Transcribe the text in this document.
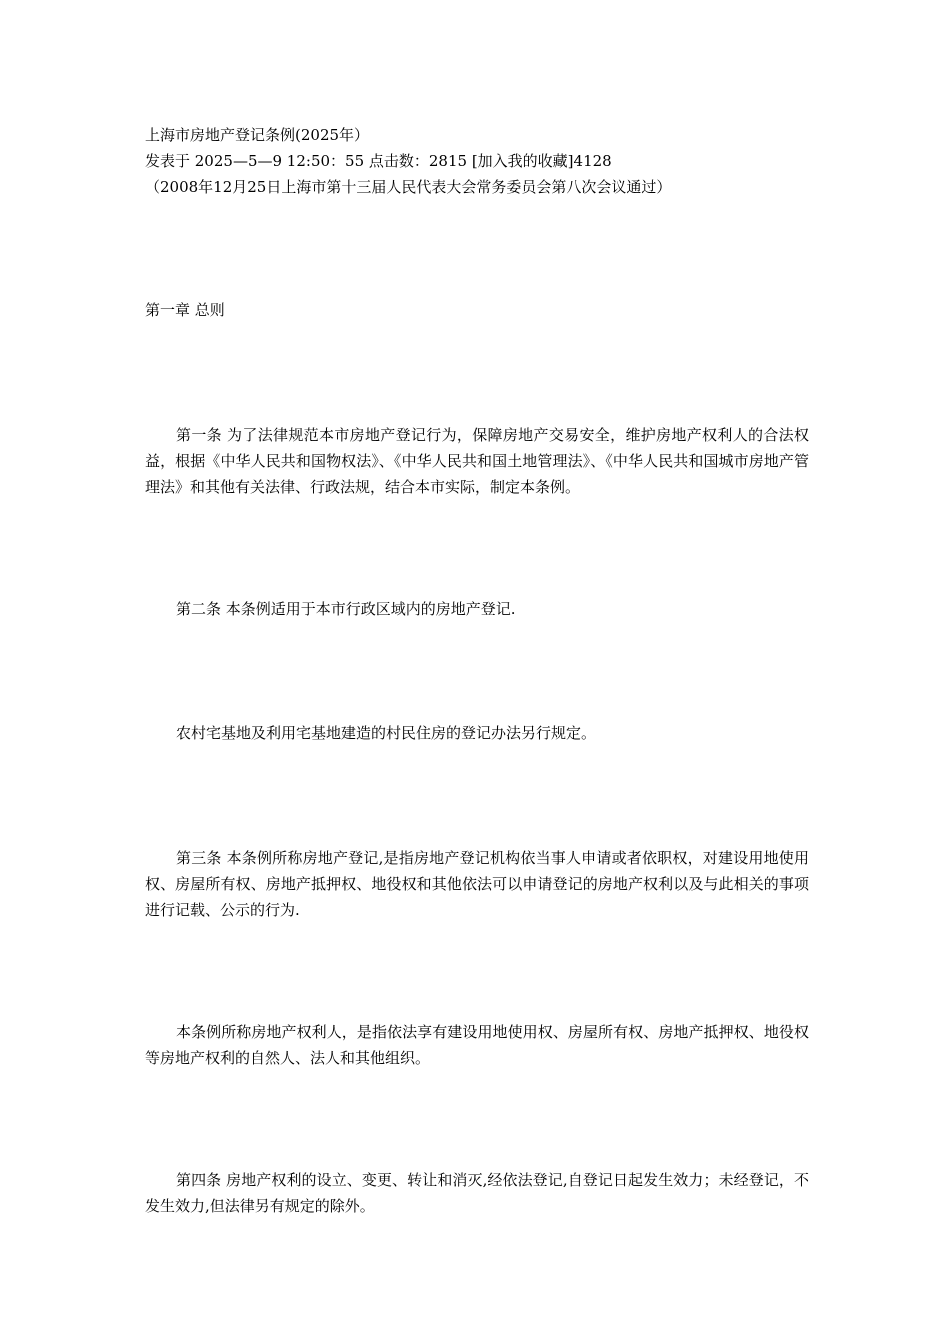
上海市房地产登记条例(2025年）
发表于 2025—5—9 12:50：55 点击数：2815 [加入我的收藏]4128
（2008年12月25日上海市第十三届人民代表大会常务委员会第八次会议通过）
第一章 总则
第一条 为了法律规范本市房地产登记行为，保障房地产交易安全，维护房地产权利人的合法权益，根据《中华人民共和国物权法》、《中华人民共和国土地管理法》、《中华人民共和国城市房地产管理法》和其他有关法律、行政法规，结合本市实际，制定本条例。
第二条 本条例适用于本市行政区域内的房地产登记.
农村宅基地及利用宅基地建造的村民住房的登记办法另行规定。
第三条 本条例所称房地产登记,是指房地产登记机构依当事人申请或者依职权，对建设用地使用权、房屋所有权、房地产抵押权、地役权和其他依法可以申请登记的房地产权利以及与此相关的事项进行记载、公示的行为.
本条例所称房地产权利人，是指依法享有建设用地使用权、房屋所有权、房地产抵押权、地役权等房地产权利的自然人、法人和其他组织。
第四条 房地产权利的设立、变更、转让和消灭,经依法登记,自登记日起发生效力；未经登记，不发生效力,但法律另有规定的除外。
